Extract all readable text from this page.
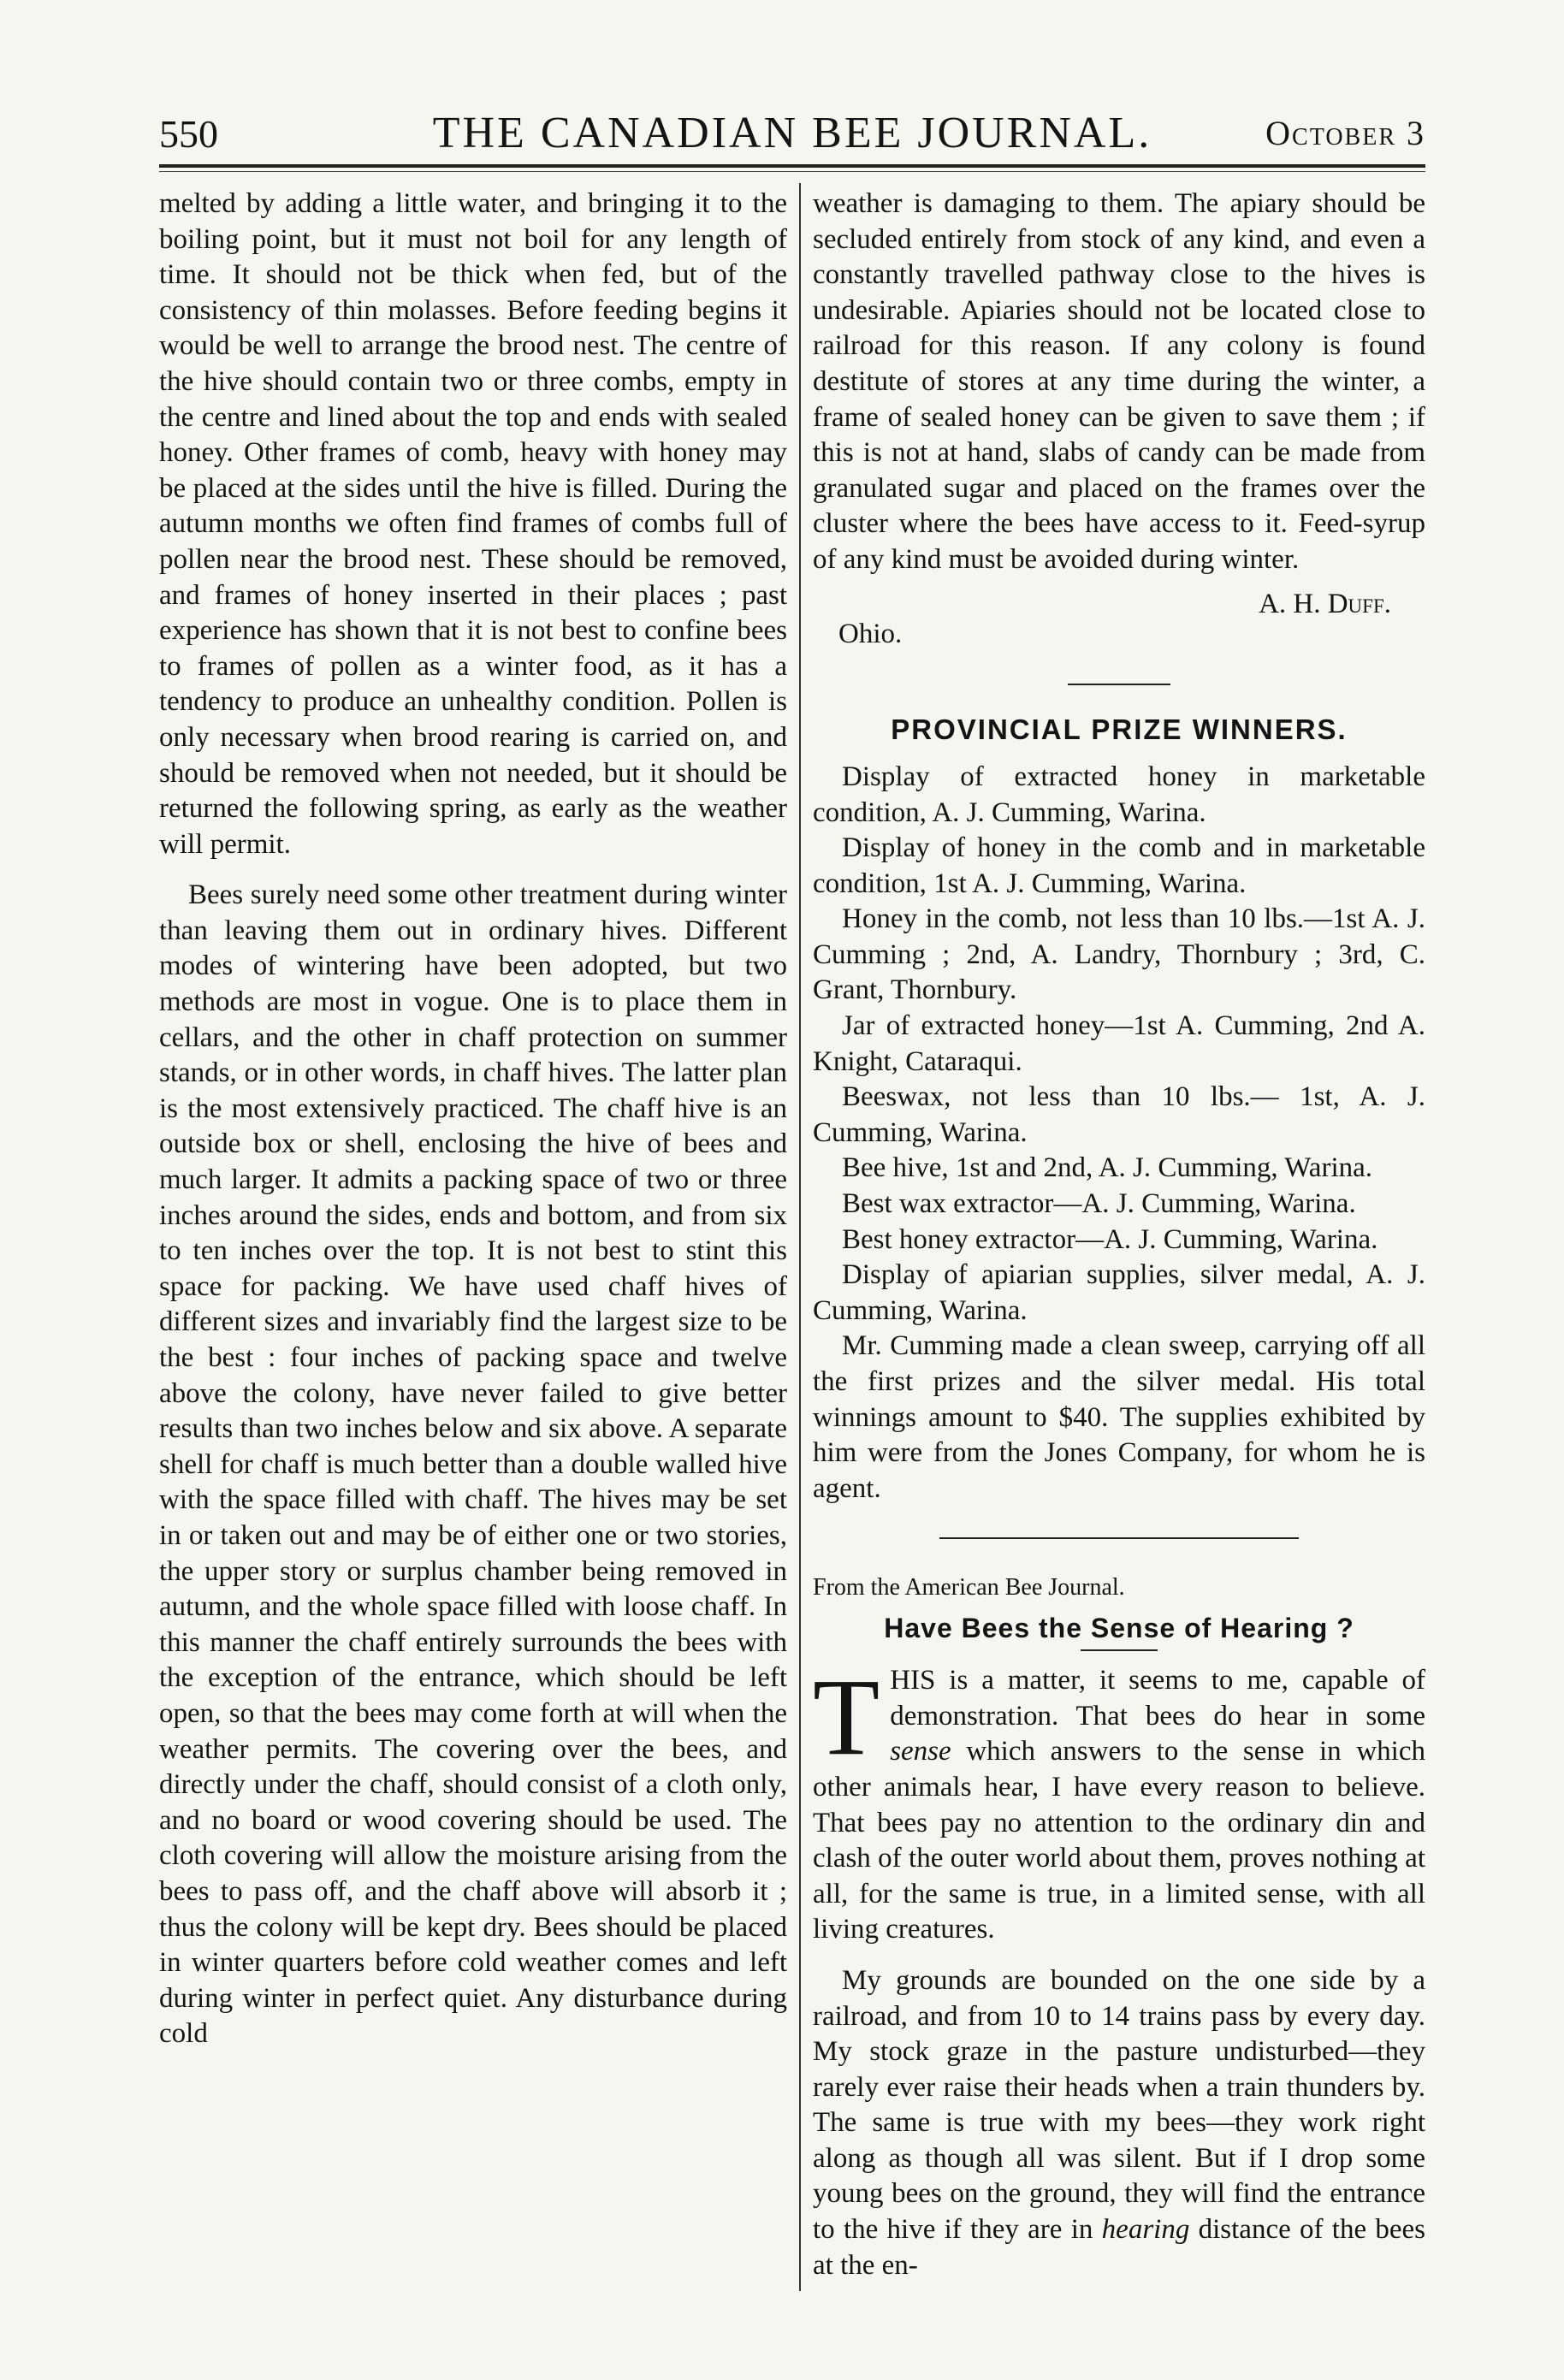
550	THE CANADIAN BEE JOURNAL.	October 3

melted by adding a little water, and bringing it to the boiling point, but it must not boil for any length of time. It should not be thick when fed, but of the consistency of thin molasses. Before feeding begins it would be well to arrange the brood nest. The centre of the hive should contain two or three combs, empty in the centre and lined about the top and ends with sealed honey. Other frames of comb, heavy with honey may be placed at the sides until the hive is filled. During the autumn months we often find frames of combs full of pollen near the brood nest. These should be removed, and frames of honey inserted in their places ; past experience has shown that it is not best to confine bees to frames of pollen as a winter food, as it has a tendency to produce an unhealthy condition. Pollen is only necessary when brood rearing is carried on, and should be removed when not needed, but it should be returned the following spring, as early as the weather will permit.

Bees surely need some other treatment during winter than leaving them out in ordinary hives. Different modes of wintering have been adopted, but two methods are most in vogue. One is to place them in cellars, and the other in chaff protection on summer stands, or in other words, in chaff hives. The latter plan is the most extensively practiced. The chaff hive is an outside box or shell, enclosing the hive of bees and much larger. It admits a packing space of two or three inches around the sides, ends and bottom, and from six to ten inches over the top. It is not best to stint this space for packing. We have used chaff hives of different sizes and invariably find the largest size to be the best : four inches of packing space and twelve above the colony, have never failed to give better results than two inches below and six above. A separate shell for chaff is much better than a double walled hive with the space filled with chaff. The hives may be set in or taken out and may be of either one or two stories, the upper story or surplus chamber being removed in autumn, and the whole space filled with loose chaff. In this manner the chaff entirely surrounds the bees with the exception of the entrance, which should be left open, so that the bees may come forth at will when the weather permits. The covering over the bees, and directly under the chaff, should consist of a cloth only, and no board or wood covering should be used. The cloth covering will allow the moisture arising from the bees to pass off, and the chaff above will absorb it ; thus the colony will be kept dry. Bees should be placed in winter quarters before cold weather comes and left during winter in perfect quiet. Any disturbance during cold

weather is damaging to them. The apiary should be secluded entirely from stock of any kind, and even a constantly travelled pathway close to the hives is undesirable. Apiaries should not be located close to railroad for this reason. If any colony is found destitute of stores at any time during the winter, a frame of sealed honey can be given to save them ; if this is not at hand, slabs of candy can be made from granulated sugar and placed on the frames over the cluster where the bees have access to it. Feed-syrup of any kind must be avoided during winter.

A. H. Duff.

Ohio.

PROVINCIAL PRIZE WINNERS.

Display of extracted honey in marketable condition, A. J. Cumming, Warina.

Display of honey in the comb and in marketable condition, 1st A. J. Cumming, Warina.

Honey in the comb, not less than 10 lbs.—1st A. J. Cumming ; 2nd, A. Landry, Thornbury ; 3rd, C. Grant, Thornbury.

Jar of extracted honey—1st A. Cumming, 2nd A. Knight, Cataraqui.

Beeswax, not less than 10 lbs.— 1st, A. J. Cumming, Warina.

Bee hive, 1st and 2nd, A. J. Cumming, Warina.

Best wax extractor—A. J. Cumming, Warina.

Best honey extractor—A. J. Cumming, Warina.

Display of apiarian supplies, silver medal, A. J. Cumming, Warina.

Mr. Cumming made a clean sweep, carrying off all the first prizes and the silver medal. His total winnings amount to $40. The supplies exhibited by him were from the Jones Company, for whom he is agent.

From the American Bee Journal.

Have Bees the Sense of Hearing ?

THIS is a matter, it seems to me, capable of demonstration. That bees do hear in some sense which answers to the sense in which other animals hear, I have every reason to believe. That bees pay no attention to the ordinary din and clash of the outer world about them, proves nothing at all, for the same is true, in a limited sense, with all living creatures.

My grounds are bounded on the one side by a railroad, and from 10 to 14 trains pass by every day. My stock graze in the pasture undisturbed—they rarely ever raise their heads when a train thunders by. The same is true with my bees—they work right along as though all was silent. But if I drop some young bees on the ground, they will find the entrance to the hive if they are in hearing distance of the bees at the en-
